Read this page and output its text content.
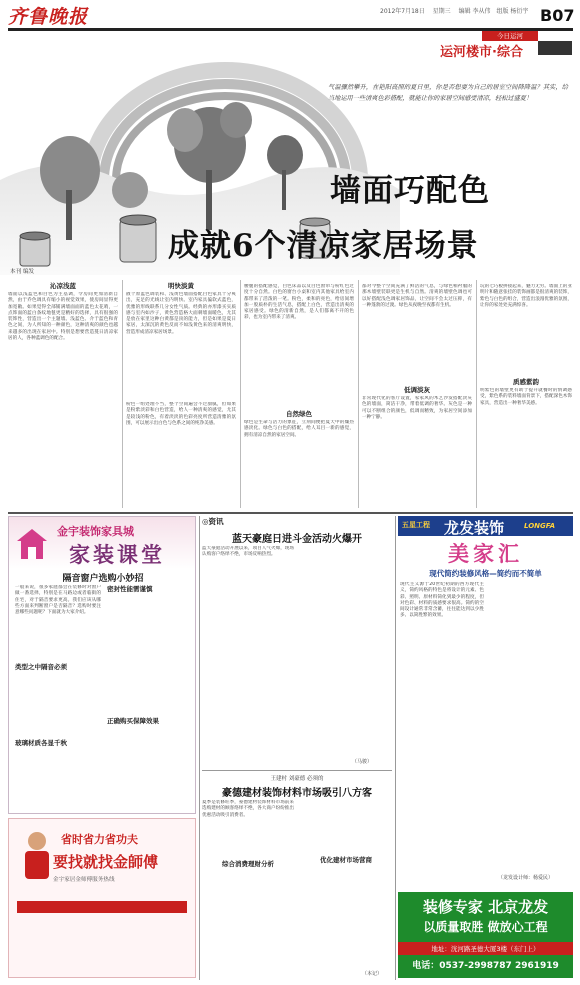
齐鲁晚报	2012年7月18日 星期三 编辑 李从伟 组版 杨衍宇 B07
今日运河
运河楼市·综合
气温骤然攀升，在艳阳高照的夏日里，你是否想要为自己的居室空间降降温？其实，给当地运用一些清爽色彩搭配，就能让你的家居空间感受清凉，轻松过盛夏！
墙面巧配色
成就6个清凉家居场景
本刊 编发
沁凉浅蓝
墙面以浅蓝色和白色为主基调，令房间更加清新自然，由于乔色调具有缩小的视觉效果，使房间显得更加宽敞。如果觉得全部铺满墙面面的蓝色太花哨，一点饰面的蓝白条纹地毯更是精好的选择，具有很强的装饰性，营造出一个主题墙。浅蓝色、介于蓝色和青色之间，为人所知的一种颜色，这种清爽的颜色也越来越多的出现在家居中。特别是想要营造蔓日清凉家居的人，各种蓝调色的配合。
明快淡黄
散个原蓝色调装和、浅黄色墙面搭配白色家具十分爽出，充足的光线让室内明快。室内家具偏软式蓝色，优雅的形线联系几分女性气质。经典的亦形漆买实质感与室内如沙子，黄色营造格大面刺墙面暖色，尤其是放在家里这种白黄都是顶的能力，但是如果是夏日家居，太深沉的黄色反而不如浅黄色来的清爽明快，营造形成清凉家居场景。
粉色一组处理不当，整个空间遍会不过甜腻，但如果是粉紫淡彩和白色营造，给人一种清爽的感觉，尤其是较浅的粉色，有着淡淡的色彩亮度所营造清雅的氛围，可以展示出白色与色系之间的纯净美感。
腰腹的搭配感觉，白色床品以及白色窗帘与粉红色过度十分自然。白色的窗台小桌和室内其他家具给室内都带来了活泼的一笔。粉色，柔和的亮色，给房间增加一股质朴的生活气息，搭配上白色，营造出清爽的家居感受。绿色的清新自然，是人们都离不开的色彩，也为室内带来了清爽。
自然绿色
绿色是生命与活力的象征，立刻间便把夏天中的燥热感淡化。绿色与白色的搭配，给人耳目一新的感觉，拥有清凉自然的家居空间。
都对今整个空间充满了鲜活的气息，与绿色相衬服的那木墙壁装联更是生机与自然。清爽的墙壁色调也可以好搭配浅色调家居饰品，让空间不会太过压抑，有一种蓬勃的过渡。绿色从夜晚至夜都有生机。
低调淡灰
非常现代化的客厅设置，家家风的木艺沙发搭配淡灰色的墙面，简洁干净，带着低调的奢华。灰色是一种可以不断组合的颜色，低调而精致，为家居空间添加一种宁静。
玩的七巧板拼接起来，魅力无穷。墙面上的亚明片和随意张挂的装饰画都是很清爽的装饰，紫色与白色的组合，营造出浪漫优雅的氛围，让你的家处处充满惊喜。
质感紫韵
明紫色的墙壁更有助于提升就餐时的情调感受，紫色系的装料墙面背景下，搭配深色木饰家具，营造出一种奢华美感。
金宇装饰家具城
家装课堂
隔音窗户选购小妙招
一般来说，很多家庭都会在装修时对窗户做一番选择，特别是在马路边或者临街的住宅，对于隔音要求更高。我们应该从哪些方面来判断窗户是否隔音？选购时要注意哪些问题呢？下面就为大家介绍。
类型之中隔音必须
玻璃材质各显千秋
密封性能需谨慎
正确购买保障效果
省时省力省功夫
要找就找金師傅
金宇家居金师傅服务热线
◎资讯
蓝天豪庭日进斗金活动火爆开
蓝天豪庭活动开展以来，项目人气火爆，现场认购客户络绎不绝，市场反响热烈。
（马骏）
王建村 刘豪德 必须的
豪德建材装饰材料市场吸引八方客
夏季是装修旺季，豪德建材装饰材料市场前来选购建材的顾客络绎不绝，各大商户纷纷推出优惠活动吸引消费者。
综合消费理财分析	优化建材市场营商
（本记）
五星工程 龙发装饰	LONGFA
美家汇
现代简约装修风格—简约而不简单
现代主义源于20世纪初期的西方现代主义，简约风格的特色是将设计的元素、色彩、照明、原材料简化到最少的程度，但对色彩、材料的质感要求很高。简约的空间设计通常非常含蓄，往往能达到以少胜多、以简胜繁的效果。
（龙发设计师：杨爱民）
装修专家 北京龙发
以质量取胜 做放心工程
地址：洸河路圣德大厦3楼（东门上）
电话：0537-2998787 2961919
